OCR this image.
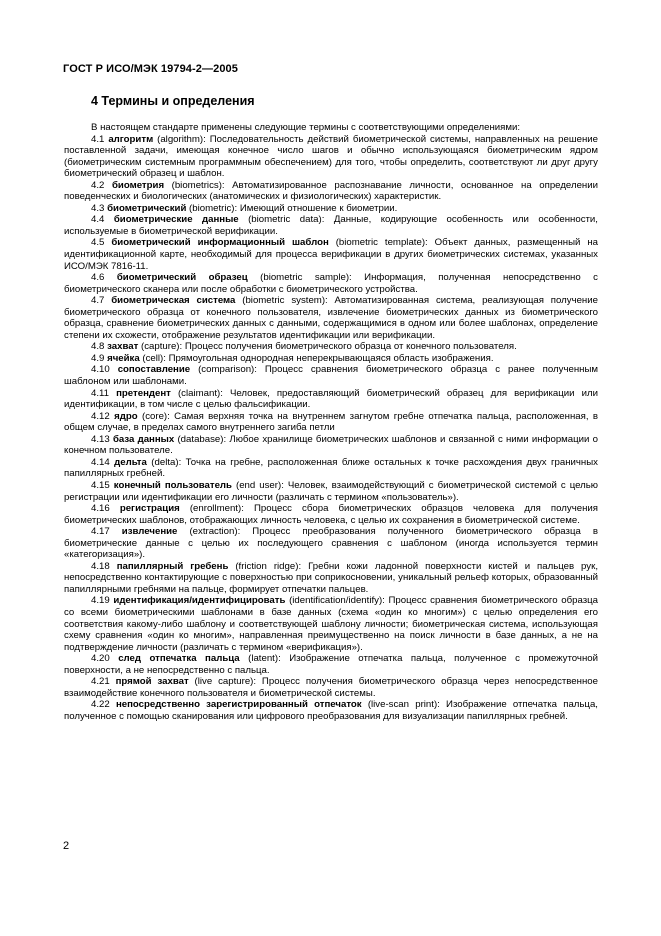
ГОСТ Р ИСО/МЭК 19794-2—2005
4 Термины и определения

В настоящем стандарте применены следующие термины с соответствующими определениями:

4.1 алгоритм (algorithm): Последовательность действий биометрической системы, направленных на решение поставленной задачи, имеющая конечное число шагов и обычно использующаяся биометрическим ядром (биометрическим системным программным обеспечением) для того, чтобы определить, соответствуют ли друг другу биометрический образец и шаблон.

4.2 биометрия (biometrics): Автоматизированное распознавание личности, основанное на определении поведенческих и биологических (анатомических и физиологических) характеристик.

4.3 биометрический (biometric): Имеющий отношение к биометрии.

4.4 биометрические данные (biometric data): Данные, кодирующие особенность или особенности, используемые в биометрической верификации.

4.5 биометрический информационный шаблон (biometric template): Объект данных, размещенный на идентификационной карте, необходимый для процесса верификации в других биометрических системах, указанных ИСО/МЭК 7816-11.

4.6 биометрический образец (biometric sample): Информация, полученная непосредственно с биометрического сканера или после обработки с биометрического устройства.

4.7 биометрическая система (biometric system): Автоматизированная система, реализующая получение биометрического образца от конечного пользователя, извлечение биометрических данных из биометрического образца, сравнение биометрических данных с данными, содержащимися в одном или более шаблонах, определение степени их схожести, отображение результатов идентификации или верификации.

4.8 захват (capture): Процесс получения биометрического образца от конечного пользователя.

4.9 ячейка (cell): Прямоугольная однородная неперекрывающаяся область изображения.

4.10 сопоставление (comparison): Процесс сравнения биометрического образца с ранее полученным шаблоном или шаблонами.

4.11 претендент (claimant): Человек, предоставляющий биометрический образец для верификации или идентификации, в том числе с целью фальсификации.

4.12 ядро (core): Самая верхняя точка на внутреннем загнутом гребне отпечатка пальца, расположенная, в общем случае, в пределах самого внутреннего загиба петли

4.13 база данных (database): Любое хранилище биометрических шаблонов и связанной с ними информации о конечном пользователе.

4.14 дельта (delta): Точка на гребне, расположенная ближе остальных к точке расхождения двух граничных папиллярных гребней.

4.15 конечный пользователь (end user): Человек, взаимодействующий с биометрической системой с целью регистрации или идентификации его личности (различать с термином «пользователь»).

4.16 регистрация (enrollment): Процесс сбора биометрических образцов человека для получения биометрических шаблонов, отображающих личность человека, с целью их сохранения в биометрической системе.

4.17 извлечение (extraction): Процесс преобразования полученного биометрического образца в биометрические данные с целью их последующего сравнения с шаблоном (иногда используется термин «категоризация»).

4.18 папиллярный гребень (friction ridge): Гребни кожи ладонной поверхности кистей и пальцев рук, непосредственно контактирующие с поверхностью при соприкосновении, уникальный рельеф которых, образованный папиллярными гребнями на пальце, формирует отпечатки пальцев.

4.19 идентификация/идентифицировать (identification/identify): Процесс сравнения биометрического образца со всеми биометрическими шаблонами в базе данных (схема «один ко многим») с целью определения его соответствия какому-либо шаблону и соответствующей шаблону личности; биометрическая система, использующая схему сравнения «один ко многим», направленная преимущественно на поиск личности в базе данных, а не на подтверждение личности (различать с термином «верификация»).

4.20 след отпечатка пальца (latent): Изображение отпечатка пальца, полученное с промежуточной поверхности, а не непосредственно с пальца.

4.21 прямой захват (live capture): Процесс получения биометрического образца через непосредственное взаимодействие конечного пользователя и биометрической системы.

4.22 непосредственно зарегистрированный отпечаток (live-scan print): Изображение отпечатка пальца, полученное с помощью сканирования или цифрового преобразования для визуализации папиллярных гребней.

2
